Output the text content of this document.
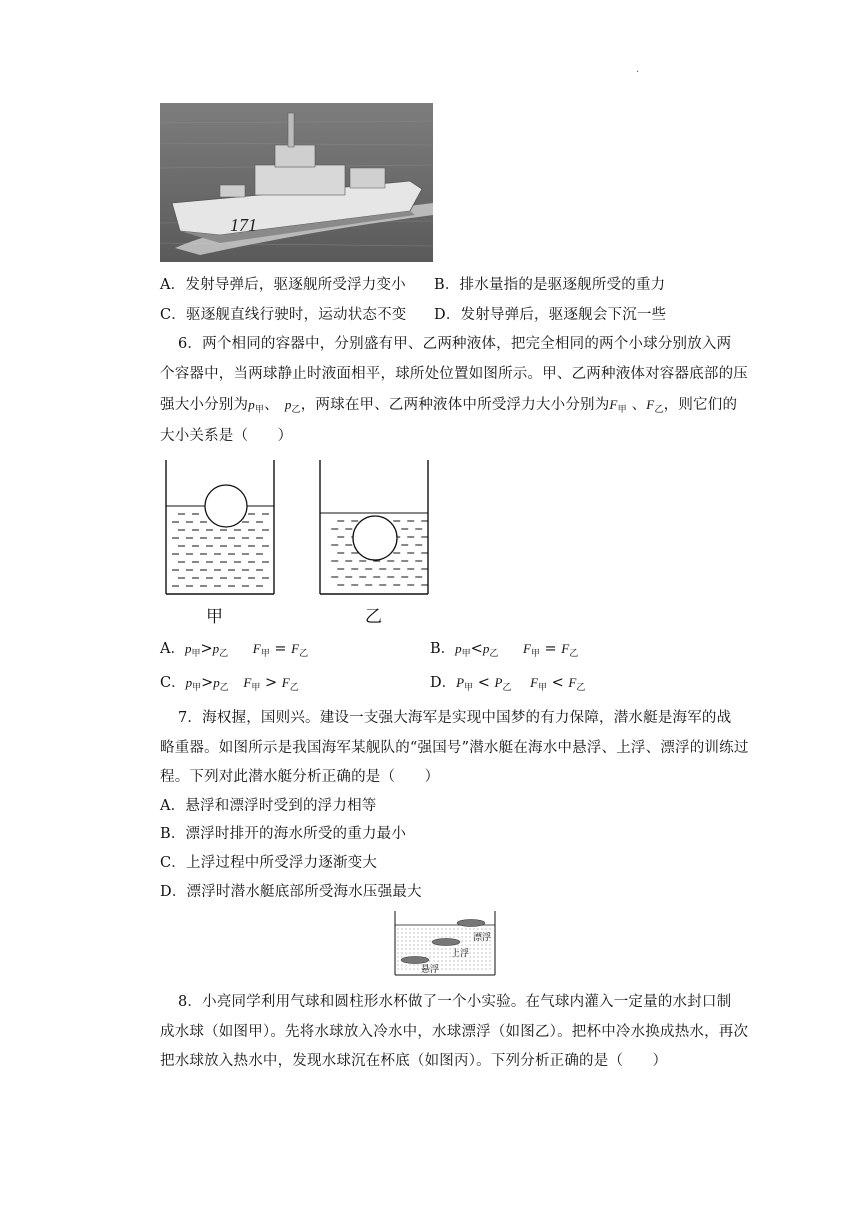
.
171
A．发射导弹后，驱逐舰所受浮力变小 B．排水量指的是驱逐舰所受的重力
C．驱逐舰直线行驶时，运动状态不变 D．发射导弹后，驱逐舰会下沉一些
6．两个相同的容器中，分别盛有甲、乙两种液体，把完全相同的两个小球分别放入两
个容器中，当两球静止时液面相平，球所处位置如图所示。甲、乙两种液体对容器底部的压
强大小分别为$p_甲$、 $p_乙$，两球在甲、乙两种液体中所受浮力大小分别为$F_甲$ 、$F_乙$，则它们的
大小关系是（　　）
甲	乙
A．$p_甲>p_乙$ $F_甲 = F_乙$	B．$p_甲<p_乙$ $F_甲 = F_乙$
C．$p_甲>p_乙$ $F_甲 > F_乙$	D．$P_甲 < P_乙$ $F_甲 < F_乙$
7．海权握，国则兴。建设一支强大海军是实现中国梦的有力保障，潜水艇是海军的战
略重器。如图所示是我国海军某舰队的“强国号”潜水艇在海水中悬浮、上浮、漂浮的训练过
程。下列对此潜水艇分析正确的是（　　）
A．悬浮和漂浮时受到的浮力相等
B．漂浮时排开的海水所受的重力最小
C．上浮过程中所受浮力逐渐变大
D．漂浮时潜水艇底部所受海水压强最大
漂浮
上浮
悬浮
8．小亮同学利用气球和圆柱形水杯做了一个小实验。在气球内灌入一定量的水封口制
成水球（如图甲）。先将水球放入冷水中，水球漂浮（如图乙）。把杯中冷水换成热水，再次
把水球放入热水中，发现水球沉在杯底（如图丙）。下列分析正确的是（　　）
